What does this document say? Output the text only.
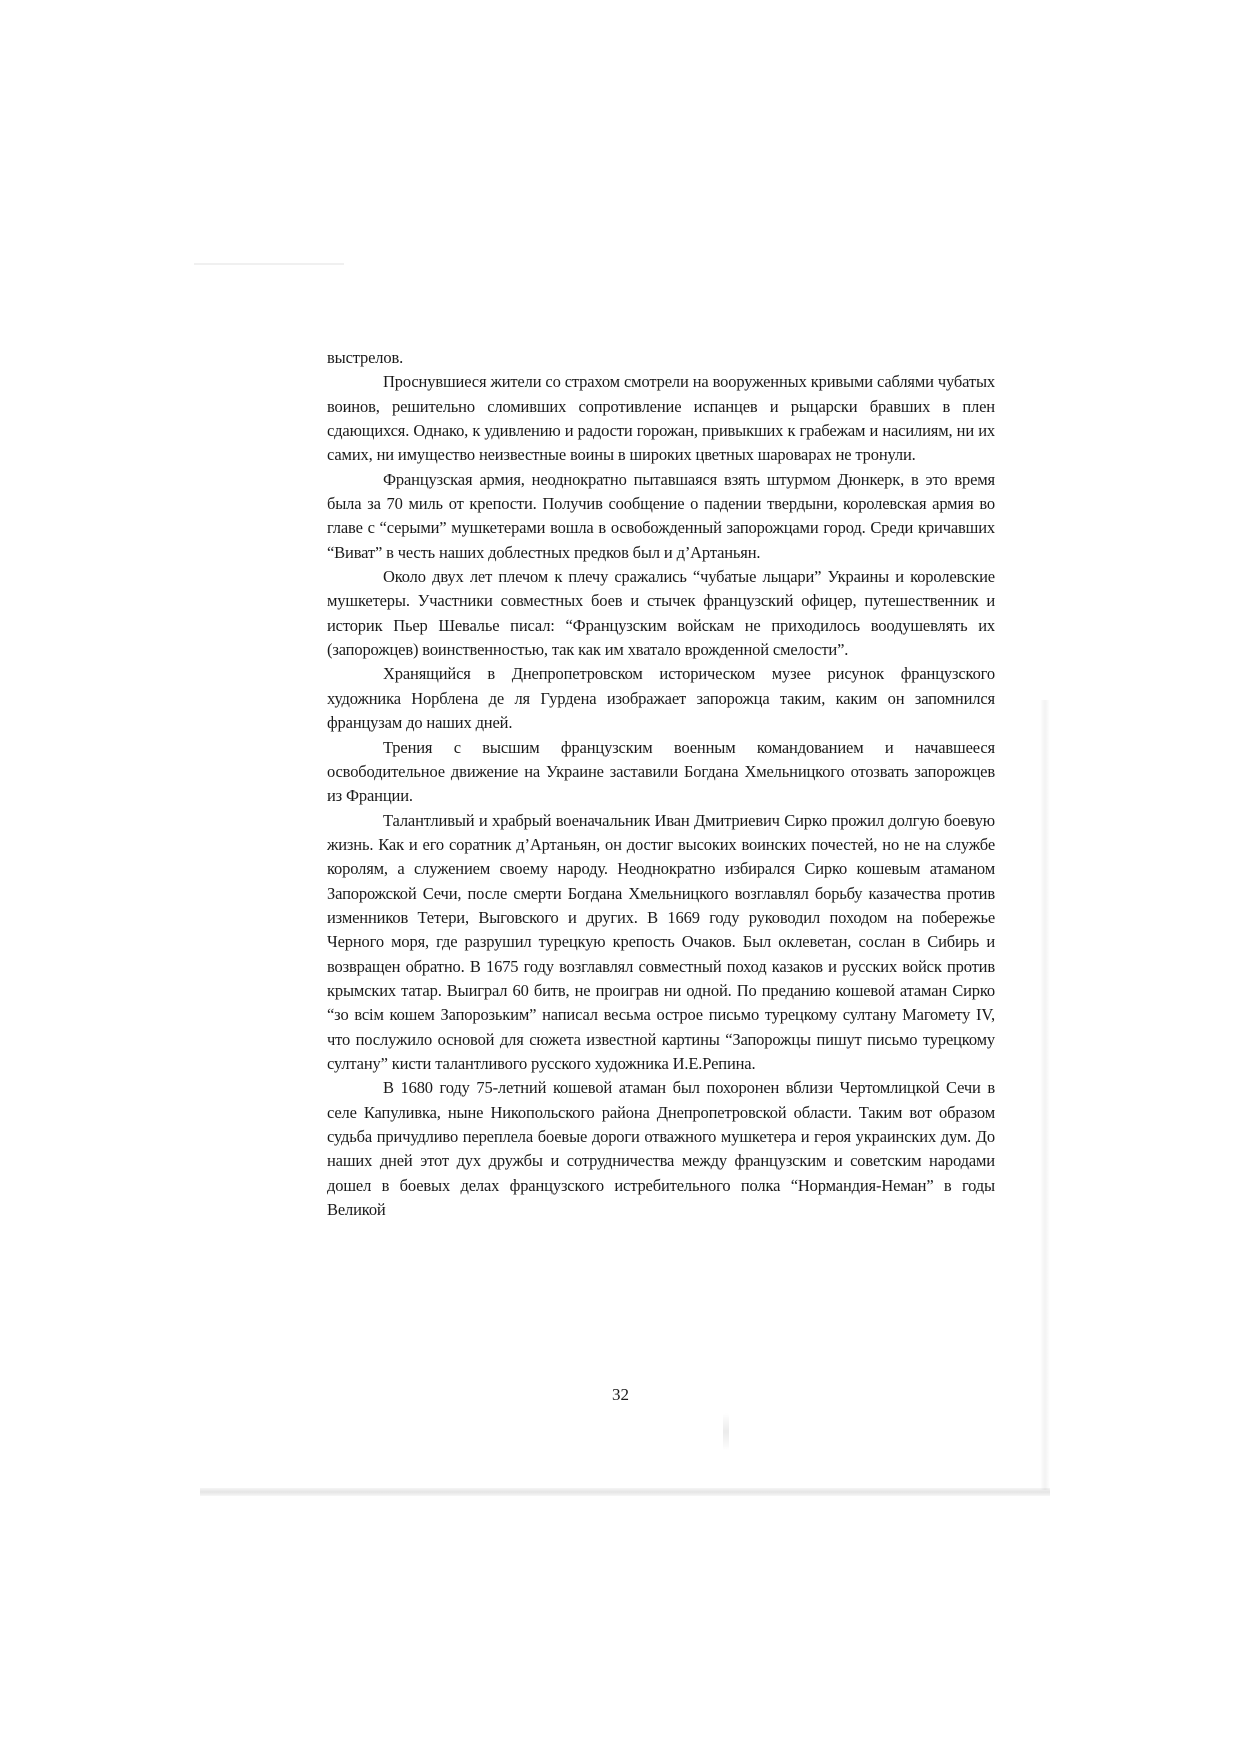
выстрелов.

Проснувшиеся жители со страхом смотрели на вооруженных кривыми саблями чубатых воинов, решительно сломивших сопротивление испанцев и рыцарски бравших в плен сдающихся. Однако, к удивлению и радости горожан, привыкших к грабежам и насилиям, ни их самих, ни имущество неизвестные воины в широких цветных шароварах не тронули.

Французская армия, неоднократно пытавшаяся взять штурмом Дюнкерк, в это время была за 70 миль от крепости. Получив сообщение о падении твердыни, королевская армия во главе с “серыми” мушкетерами вошла в освобожденный запорожцами город. Среди кричавших “Виват” в честь наших доблестных предков был и д’Артаньян.

Около двух лет плечом к плечу сражались “чубатые лыцари” Украины и королевские мушкетеры. Участники совместных боев и стычек французский офицер, путешественник и историк Пьер Шевалье писал: “Французским войскам не приходилось воодушевлять их (запорожцев) воинственностью, так как им хватало врожденной смелости”.

Хранящийся в Днепропетровском историческом музее рисунок французского художника Норблена де ля Гурдена изображает запорожца таким, каким он запомнился французам до наших дней.

Трения с высшим французским военным командованием и начавшееся освободительное движение на Украине заставили Богдана Хмельницкого отозвать запорожцев из Франции.

Талантливый и храбрый военачальник Иван Дмитриевич Сирко прожил долгую боевую жизнь. Как и его соратник д’Артаньян, он достиг высоких воинских почестей, но не на службе королям, а служением своему народу. Неоднократно избирался Сирко кошевым атаманом Запорожской Сечи, после смерти Богдана Хмельницкого возглавлял борьбу казачества против изменников Тетери, Выговского и других. В 1669 году руководил походом на побережье Черного моря, где разрушил турецкую крепость Очаков. Был оклеветан, сослан в Сибирь и возвращен обратно. В 1675 году возглавлял совместный поход казаков и русских войск против крымских татар. Выиграл 60 битв, не проиграв ни одной. По преданию кошевой атаман Сирко “зо всім кошем Запорозьким” написал весьма острое письмо турецкому султану Магомету IV, что послужило основой для сюжета известной картины “Запорожцы пишут письмо турецкому султану” кисти талантливого русского художника И.Е.Репина.

В 1680 году 75-летний кошевой атаман был похоронен вблизи Чертомлицкой Сечи в селе Капуливка, ныне Никопольского района Днепропетровской области. Таким вот образом судьба причудливо переплела боевые дороги отважного мушкетера и героя украинских дум. До наших дней этот дух дружбы и сотрудничества между французским и советским народами дошел в боевых делах французского истребительного полка “Нормандия-Неман” в годы Великой

32
